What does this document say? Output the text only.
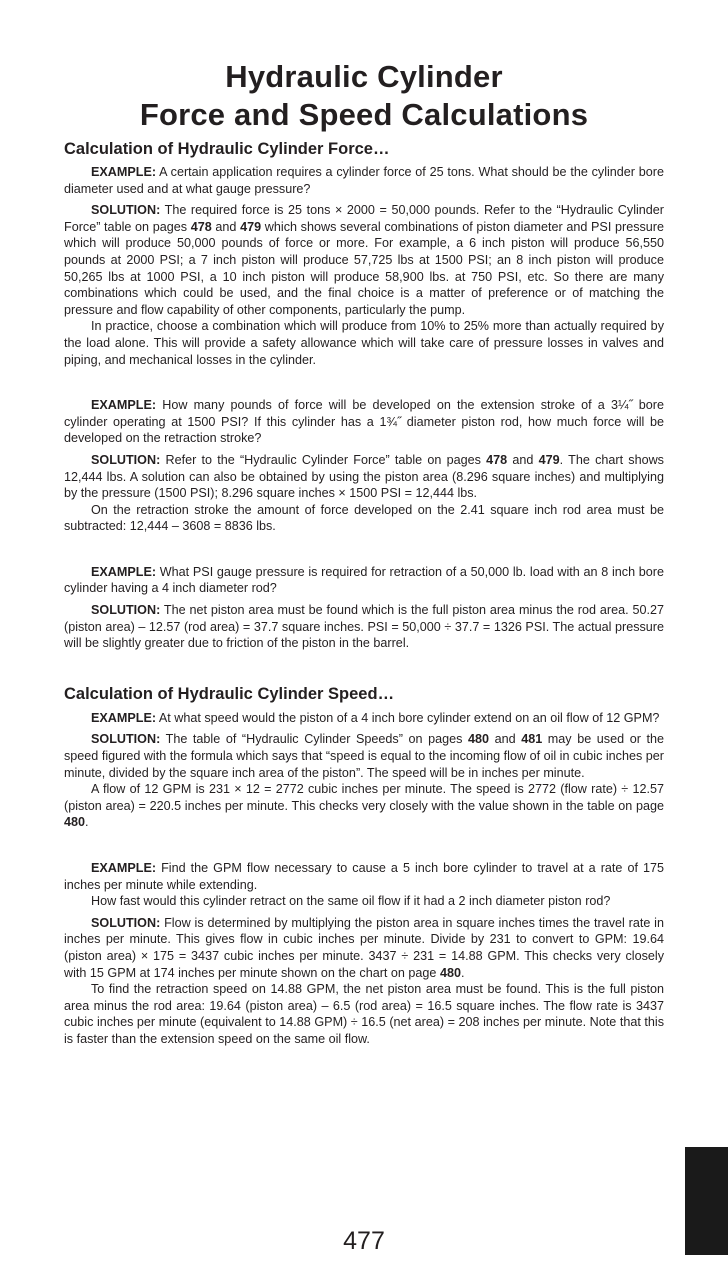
Hydraulic Cylinder
Force and Speed Calculations
Calculation of Hydraulic Cylinder Force…

EXAMPLE: A certain application requires a cylinder force of 25 tons. What should be the cylinder bore diameter used and at what gauge pressure?

SOLUTION: The required force is 25 tons × 2000 = 50,000 pounds. Refer to the “Hydraulic Cylinder Force” table on pages 478 and 479 which shows several combinations of piston diameter and PSI pressure which will produce 50,000 pounds of force or more. For example, a 6 inch piston will produce 56,550 pounds at 2000 PSI; a 7 inch piston will produce 57,725 lbs at 1500 PSI; an 8 inch piston will produce 50,265 lbs at 1000 PSI, a 10 inch piston will produce 58,900 lbs. at 750 PSI, etc. So there are many combinations which could be used, and the final choice is a matter of preference or of matching the pressure and flow capability of other components, particularly the pump.

In practice, choose a combination which will produce from 10% to 25% more than actually required by the load alone. This will provide a safety allowance which will take care of pressure losses in valves and piping, and mechanical losses in the cylinder.

EXAMPLE: How many pounds of force will be developed on the extension stroke of a 3¼˝ bore cylinder operating at 1500 PSI? If this cylinder has a 1¾˝ diameter piston rod, how much force will be developed on the retraction stroke?

SOLUTION: Refer to the “Hydraulic Cylinder Force” table on pages 478 and 479. The chart shows 12,444 lbs. A solution can also be obtained by using the piston area (8.296 square inches) and multiplying by the pressure (1500 PSI); 8.296 square inches × 1500 PSI = 12,444 lbs.

On the retraction stroke the amount of force developed on the 2.41 square inch rod area must be subtracted: 12,444 – 3608 = 8836 lbs.

EXAMPLE: What PSI gauge pressure is required for retraction of a 50,000 lb. load with an 8 inch bore cylinder having a 4 inch diameter rod?

SOLUTION: The net piston area must be found which is the full piston area minus the rod area. 50.27 (piston area) – 12.57 (rod area) = 37.7 square inches. PSI = 50,000 ÷ 37.7 = 1326 PSI. The actual pressure will be slightly greater due to friction of the piston in the barrel.

Calculation of Hydraulic Cylinder Speed…

EXAMPLE: At what speed would the piston of a 4 inch bore cylinder extend on an oil flow of 12 GPM?

SOLUTION: The table of “Hydraulic Cylinder Speeds” on pages 480 and 481 may be used or the speed figured with the formula which says that “speed is equal to the incoming flow of oil in cubic inches per minute, divided by the square inch area of the piston”. The speed will be in inches per minute.

A flow of 12 GPM is 231 × 12 = 2772 cubic inches per minute. The speed is 2772 (flow rate) ÷ 12.57 (piston area) = 220.5 inches per minute. This checks very closely with the value shown in the table on page 480.

EXAMPLE: Find the GPM flow necessary to cause a 5 inch bore cylinder to travel at a rate of 175 inches per minute while extending.

How fast would this cylinder retract on the same oil flow if it had a 2 inch diameter piston rod?

SOLUTION: Flow is determined by multiplying the piston area in square inches times the travel rate in inches per minute. This gives flow in cubic inches per minute. Divide by 231 to convert to GPM: 19.64 (piston area) × 175 = 3437 cubic inches per minute. 3437 ÷ 231 = 14.88 GPM. This checks very closely with 15 GPM at 174 inches per minute shown on the chart on page 480.

To find the retraction speed on 14.88 GPM, the net piston area must be found. This is the full piston area minus the rod area: 19.64 (piston area) – 6.5 (rod area) = 16.5 square inches. The flow rate is 3437 cubic inches per minute (equivalent to 14.88 GPM) ÷ 16.5 (net area) = 208 inches per minute. Note that this is faster than the extension speed on the same oil flow.

477
